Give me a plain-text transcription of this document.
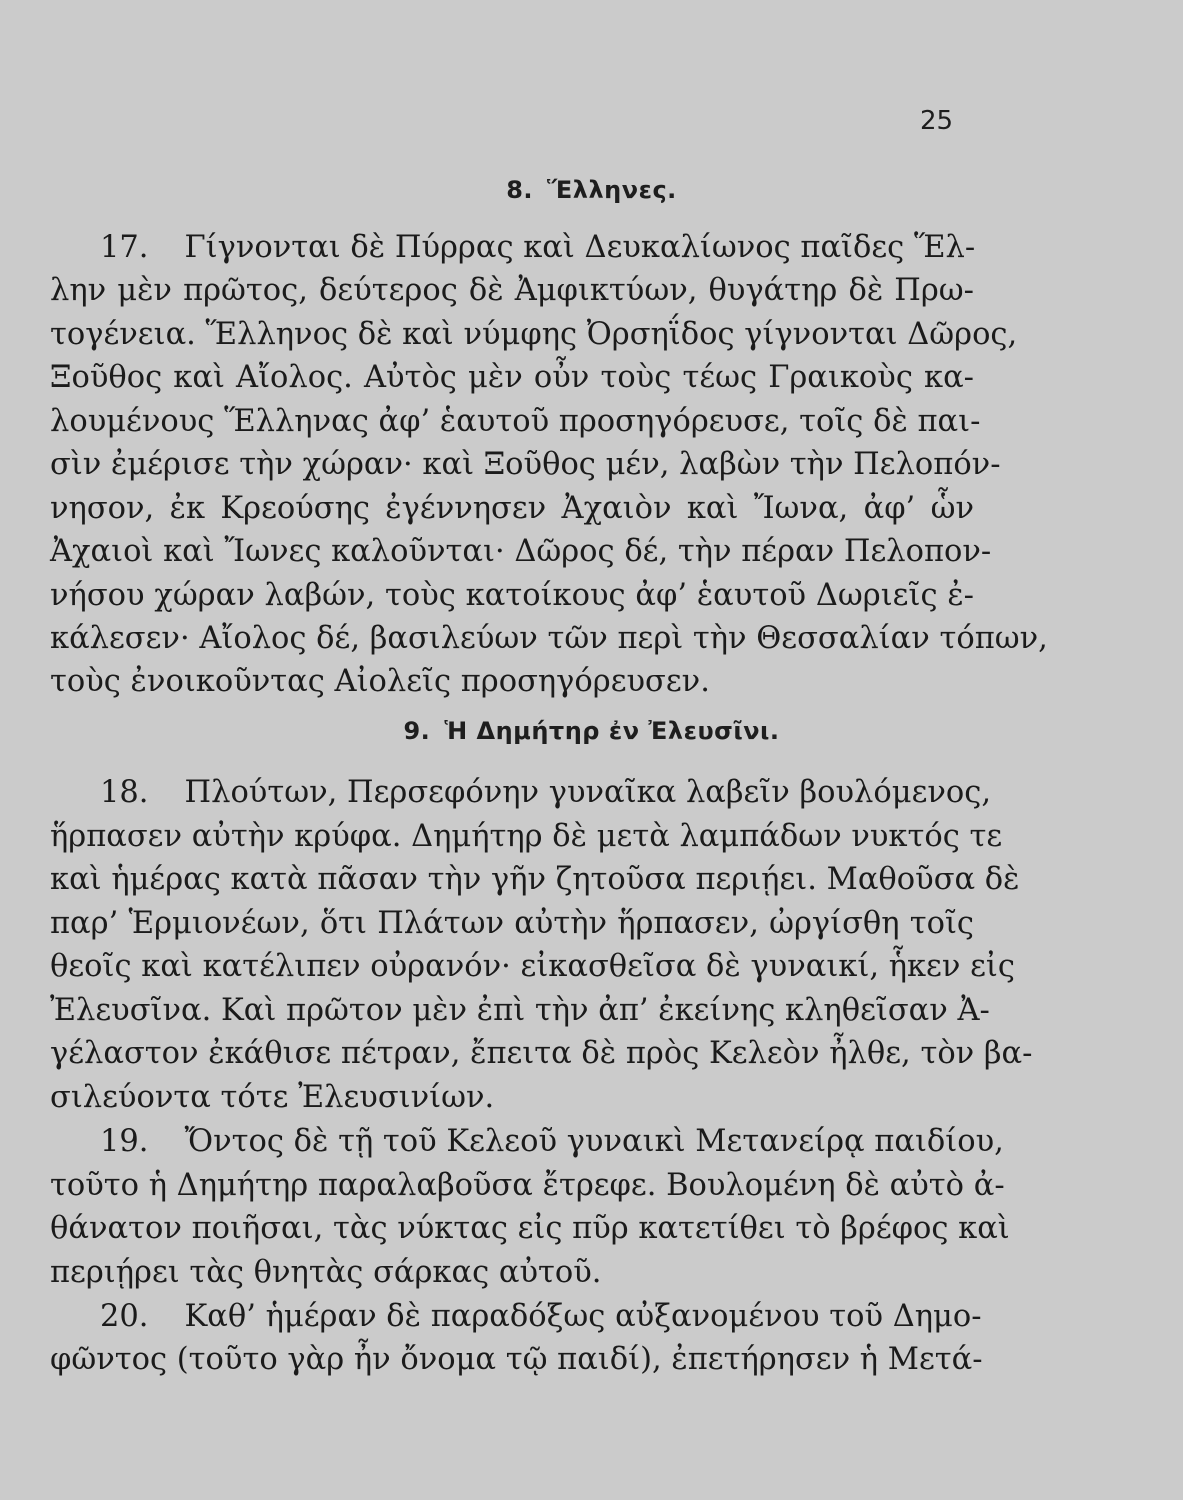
25
8. Ἕλληνες.
17. Γίγνονται δὲ Πύρρας καὶ Δευκαλίωνος παῖδες Ἕλ-
λην μὲν πρῶτος, δεύτερος δὲ Ἀμφικτύων, θυγάτηρ δὲ Πρω-
τογένεια. Ἕλληνος δὲ καὶ νύμφης Ὀρσηΐδος γίγνονται Δῶρος,
Ξοῦθος καὶ Αἴολος. Αὐτὸς μὲν οὖν τοὺς τέως Γραικοὺς κα-
λουμένους Ἕλληνας ἀφ’ ἑαυτοῦ προσηγόρευσε, τοῖς δὲ παι-
σὶν ἐμέρισε τὴν χώραν· καὶ Ξοῦθος μέν, λαβὼν τὴν Πελοπόν-
νησον, ἐκ Κρεούσης ἐγέννησεν Ἀχαιὸν καὶ Ἴωνα, ἀφ’ ὧν
Ἀχαιοὶ καὶ Ἴωνες καλοῦνται· Δῶρος δέ, τὴν πέραν Πελοπον-
νήσου χώραν λαβών, τοὺς κατοίκους ἀφ’ ἑαυτοῦ Δωριεῖς ἐ-
κάλεσεν· Αἴολος δέ, βασιλεύων τῶν περὶ τὴν Θεσσαλίαν τόπων,
τοὺς ἐνοικοῦντας Αἰολεῖς προσηγόρευσεν.
9. Ἡ Δημήτηρ ἐν Ἐλευσῖνι.
18. Πλούτων, Περσεφόνην γυναῖκα λαβεῖν βουλόμενος,
ἥρπασεν αὐτὴν κρύφα. Δημήτηρ δὲ μετὰ λαμπάδων νυκτός τε
καὶ ἡμέρας κατὰ πᾶσαν τὴν γῆν ζητοῦσα περιῄει. Μαθοῦσα δὲ
παρ’ Ἑρμιονέων, ὅτι Πλάτων αὐτὴν ἥρπασεν, ὠργίσθη τοῖς
θεοῖς καὶ κατέλιπεν οὐρανόν· εἰκασθεῖσα δὲ γυναικί, ἧκεν εἰς
Ἐλευσῖνα. Καὶ πρῶτον μὲν ἐπὶ τὴν ἀπ’ ἐκείνης κληθεῖσαν Ἀ-
γέλαστον ἐκάθισε πέτραν, ἔπειτα δὲ πρὸς Κελεὸν ἦλθε, τὸν βα-
σιλεύοντα τότε Ἐλευσινίων.
19. Ὄντος δὲ τῇ τοῦ Κελεοῦ γυναικὶ Μετανείρᾳ παιδίου,
τοῦτο ἡ Δημήτηρ παραλαβοῦσα ἔτρεφε. Βουλομένη δὲ αὐτὸ ἀ-
θάνατον ποιῆσαι, τὰς νύκτας εἰς πῦρ κατετίθει τὸ βρέφος καὶ
περιῄρει τὰς θνητὰς σάρκας αὐτοῦ.
20. Καθ’ ἡμέραν δὲ παραδόξως αὐξανομένου τοῦ Δημο-
φῶντος (τοῦτο γὰρ ἦν ὄνομα τῷ παιδί), ἐπετήρησεν ἡ Μετά-
